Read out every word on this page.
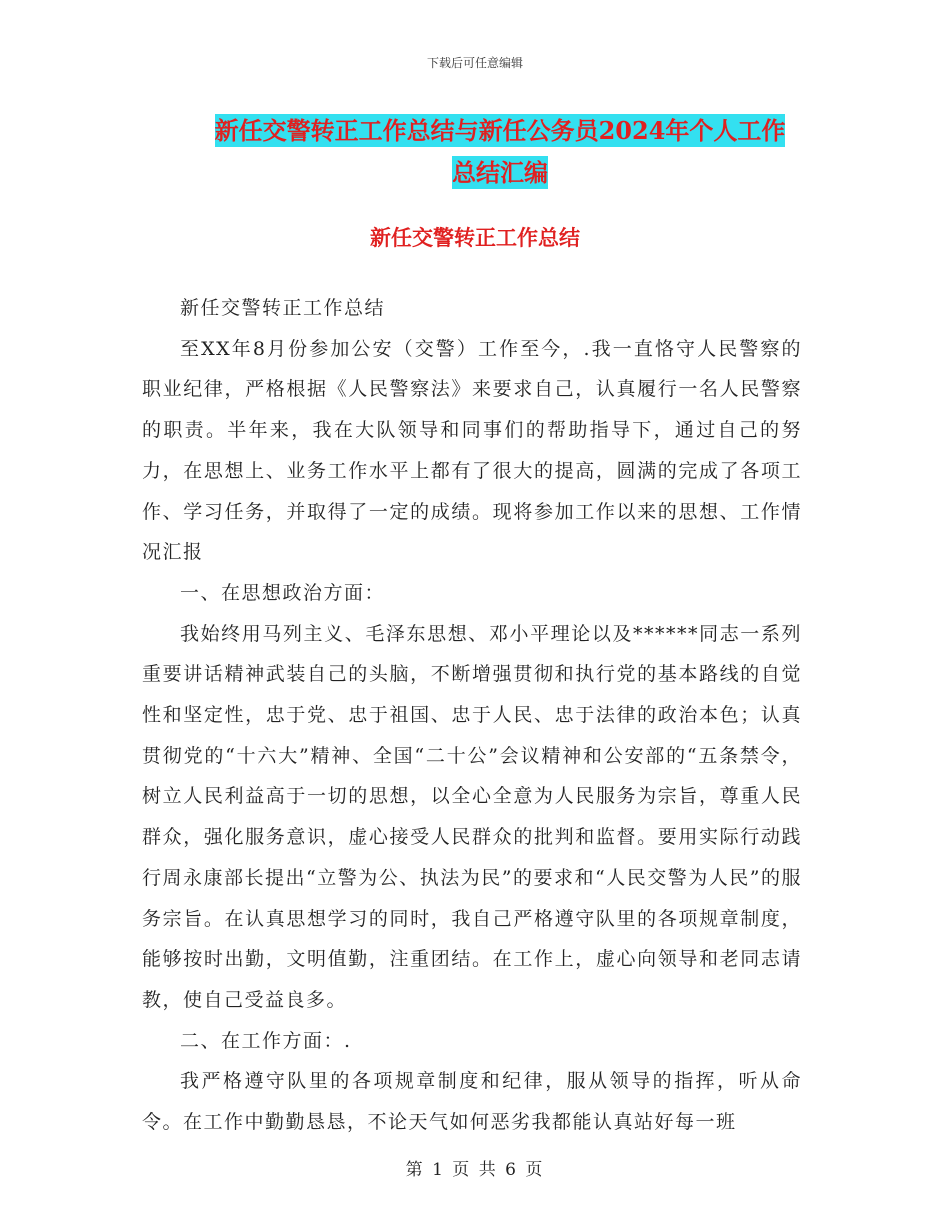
下载后可任意编辑
新任交警转正工作总结与新任公务员2024年个人工作
总结汇编
新任交警转正工作总结

新任交警转正工作总结

至XX年8月份参加公安（交警）工作至今，.我一直恪守人民警察的职业纪律，严格根据《人民警察法》来要求自己，认真履行一名人民警察的职责。半年来，我在大队领导和同事们的帮助指导下，通过自己的努力，在思想上、业务工作水平上都有了很大的提高，圆满的完成了各项工作、学习任务，并取得了一定的成绩。现将参加工作以来的思想、工作情况汇报

一、在思想政治方面：

我始终用马列主义、毛泽东思想、邓小平理论以及******同志一系列重要讲话精神武装自己的头脑，不断增强贯彻和执行党的基本路线的自觉性和坚定性，忠于党、忠于祖国、忠于人民、忠于法律的政治本色；认真贯彻党的“十六大”精神、全国“二十公”会议精神和公安部的“五条禁令，树立人民利益高于一切的思想，以全心全意为人民服务为宗旨，尊重人民群众，强化服务意识，虚心接受人民群众的批判和监督。要用实际行动践行周永康部长提出“立警为公、执法为民”的要求和“人民交警为人民”的服务宗旨。在认真思想学习的同时，我自己严格遵守队里的各项规章制度，能够按时出勤，文明值勤，注重团结。在工作上，虚心向领导和老同志请教，使自己受益良多。

二、在工作方面：.

我严格遵守队里的各项规章制度和纪律，服从领导的指挥，听从命令。在工作中勤勤恳恳，不论天气如何恶劣我都能认真站好每一班

第 1 页 共 6 页
